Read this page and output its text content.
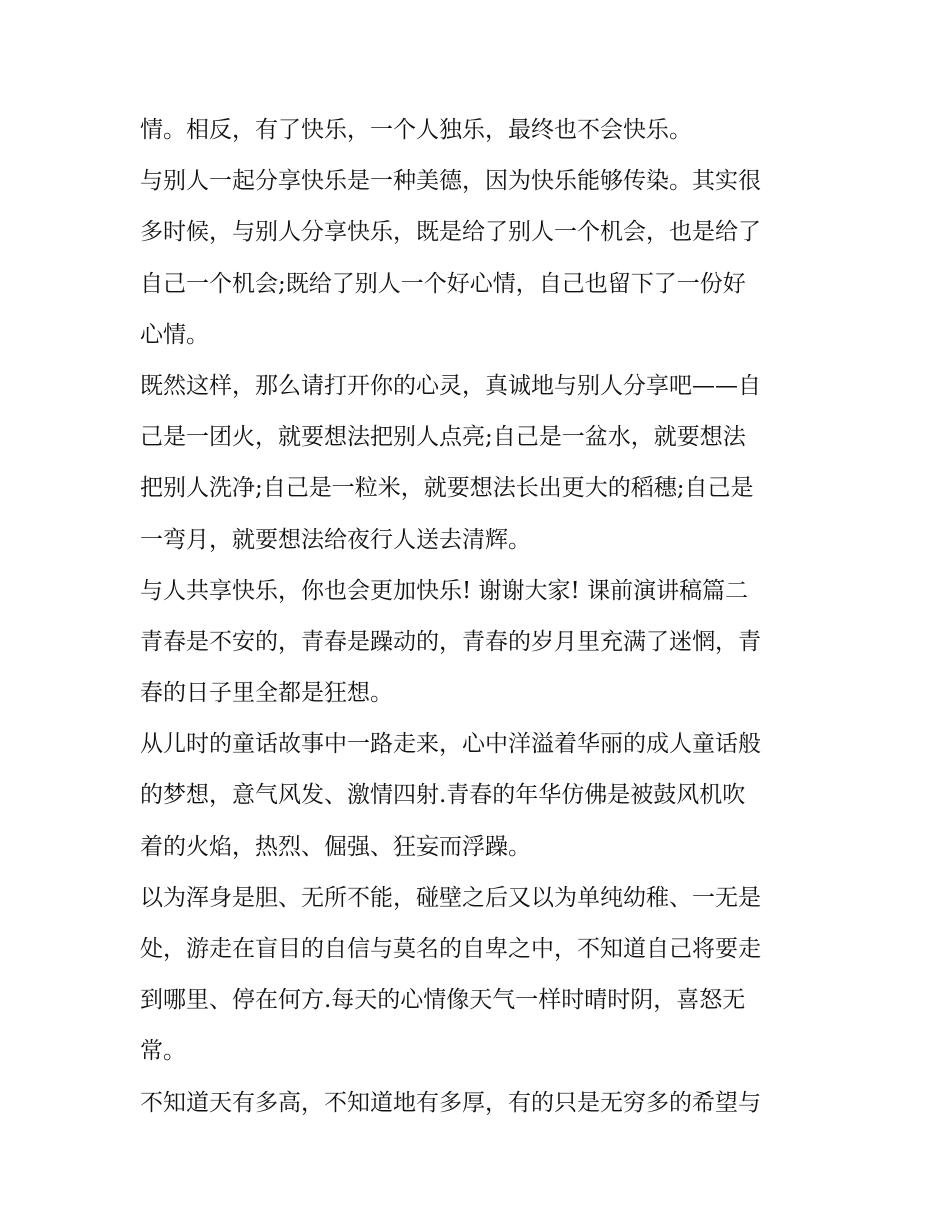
情。相反，有了快乐，一个人独乐，最终也不会快乐。
与别人一起分享快乐是一种美德，因为快乐能够传染。其实很
多时候，与别人分享快乐，既是给了别人一个机会，也是给了
自己一个机会;既给了别人一个好心情，自己也留下了一份好
心情。
既然这样，那么请打开你的心灵，真诚地与别人分享吧——自
己是一团火，就要想法把别人点亮;自己是一盆水，就要想法
把别人洗净;自己是一粒米，就要想法长出更大的稻穗;自己是
一弯月，就要想法给夜行人送去清辉。
与人共享快乐，你也会更加快乐! 谢谢大家! 课前演讲稿篇二
青春是不安的，青春是躁动的，青春的岁月里充满了迷惘，青
春的日子里全都是狂想。
从儿时的童话故事中一路走来，心中洋溢着华丽的成人童话般
的梦想，意气风发、激情四射.青春的年华仿佛是被鼓风机吹
着的火焰，热烈、倔强、狂妄而浮躁。
以为浑身是胆、无所不能，碰壁之后又以为单纯幼稚、一无是
处，游走在盲目的自信与莫名的自卑之中，不知道自己将要走
到哪里、停在何方.每天的心情像天气一样时晴时阴，喜怒无
常。
不知道天有多高，不知道地有多厚，有的只是无穷多的希望与
